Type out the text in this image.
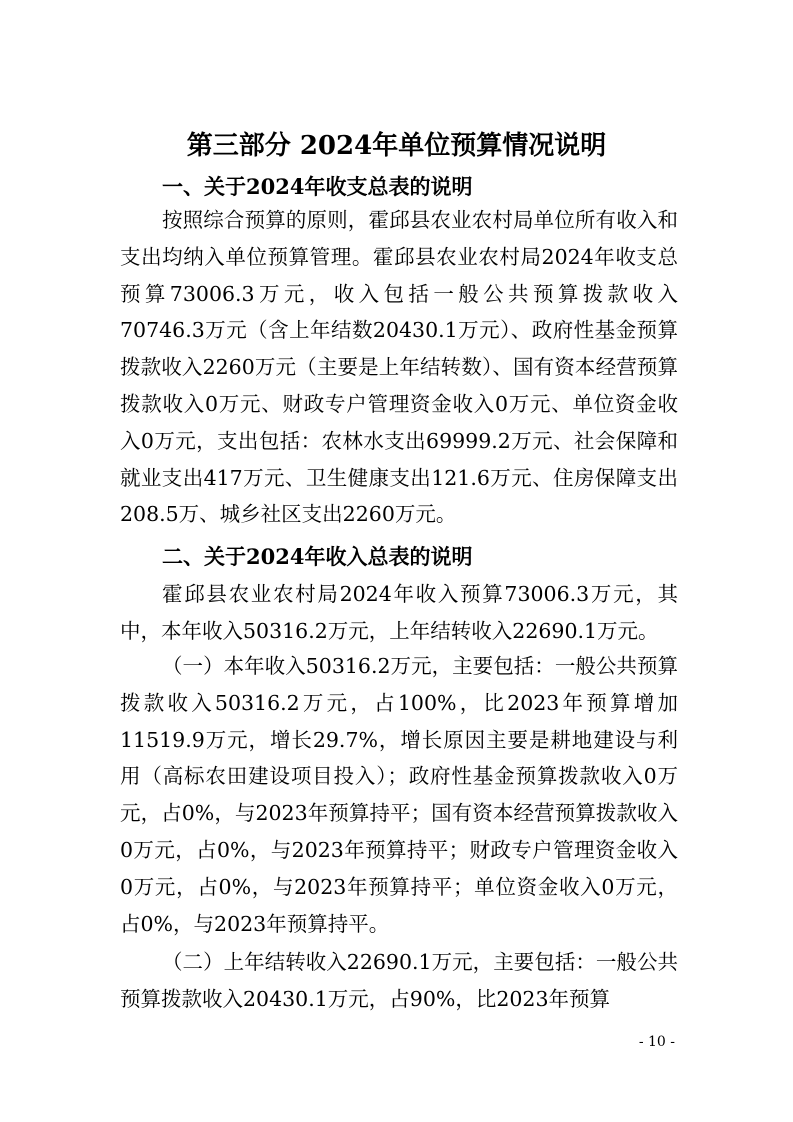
第三部分 2024年单位预算情况说明
一、关于2024年收支总表的说明

按照综合预算的原则，霍邱县农业农村局单位所有收入和支出均纳入单位预算管理。霍邱县农业农村局2024年收支总预算73006.3万元，收入包括一般公共预算拨款收入70746.3万元（含上年结数20430.1万元）、政府性基金预算拨款收入2260万元（主要是上年结转数）、国有资本经营预算拨款收入0万元、财政专户管理资金收入0万元、单位资金收入0万元，支出包括：农林水支出69999.2万元、社会保障和就业支出417万元、卫生健康支出121.6万元、住房保障支出208.5万、城乡社区支出2260万元。

二、关于2024年收入总表的说明

霍邱县农业农村局2024年收入预算73006.3万元，其中，本年收入50316.2万元，上年结转收入22690.1万元。

（一）本年收入50316.2万元，主要包括：一般公共预算拨款收入50316.2万元，占100%，比2023年预算增加11519.9万元，增长29.7%，增长原因主要是耕地建设与利用（高标农田建设项目投入）；政府性基金预算拨款收入0万元，占0%，与2023年预算持平；国有资本经营预算拨款收入0万元，占0%，与2023年预算持平；财政专户管理资金收入0万元，占0%，与2023年预算持平；单位资金收入0万元，占0%，与2023年预算持平。

（二）上年结转收入22690.1万元，主要包括：一般公共预算拨款收入20430.1万元，占90%，比2023年预算

- 10 -
